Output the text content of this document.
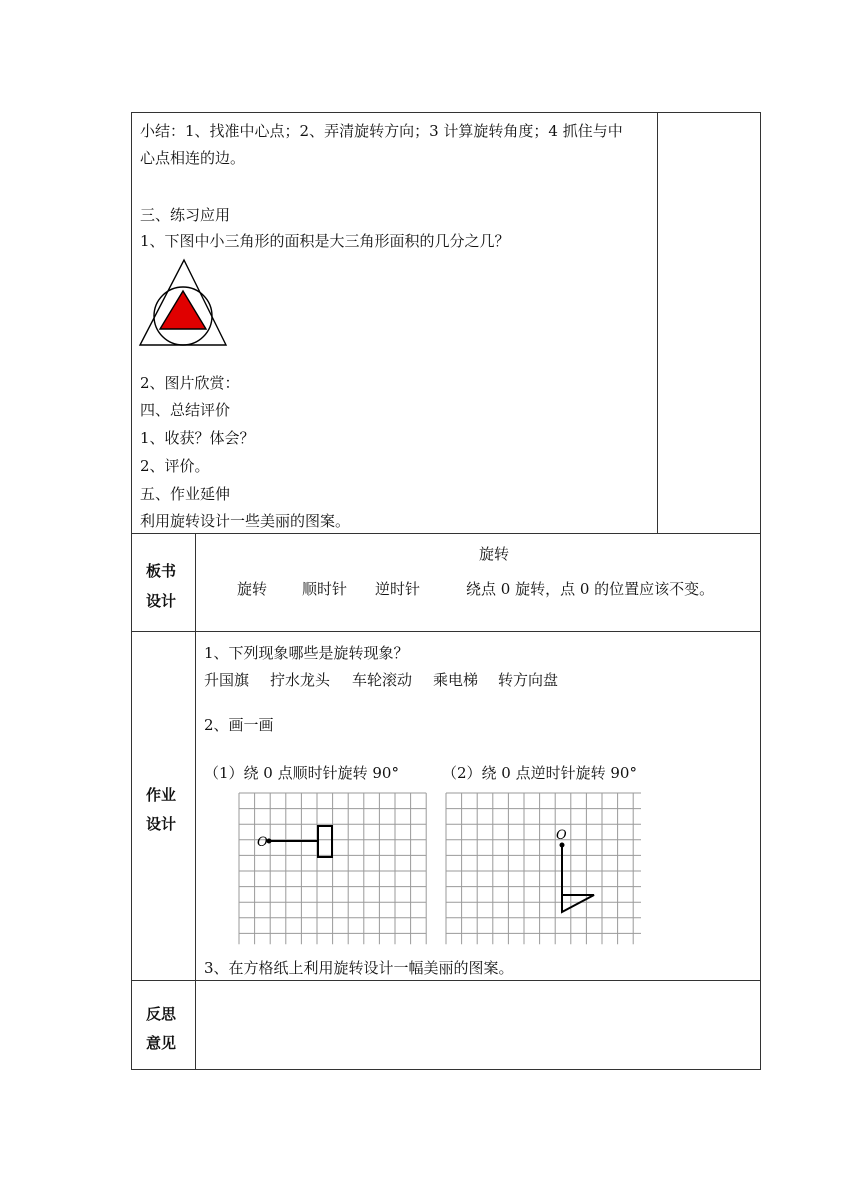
小结：1、找准中心点；2、弄清旋转方向；3 计算旋转角度；4 抓住与中
心点相连的边。
三、练习应用
1、下图中小三角形的面积是大三角形面积的几分之几？
2、图片欣赏：
四、总结评价
1、收获？体会？
2、评价。
五、作业延伸
利用旋转设计一些美丽的图案。
板书
设计
旋转
旋转 顺时针 逆时针	绕点 0 旋转，点 0 的位置应该不变。
作业
设计
1、下列现象哪些是旋转现象？
升国旗 拧水龙头 车轮滚动 乘电梯 转方向盘
2、画一画
（1）绕 0 点顺时针旋转 90°	（2）绕 0 点逆时针旋转 90°
O	O
3、在方格纸上利用旋转设计一幅美丽的图案。
反思
意见
